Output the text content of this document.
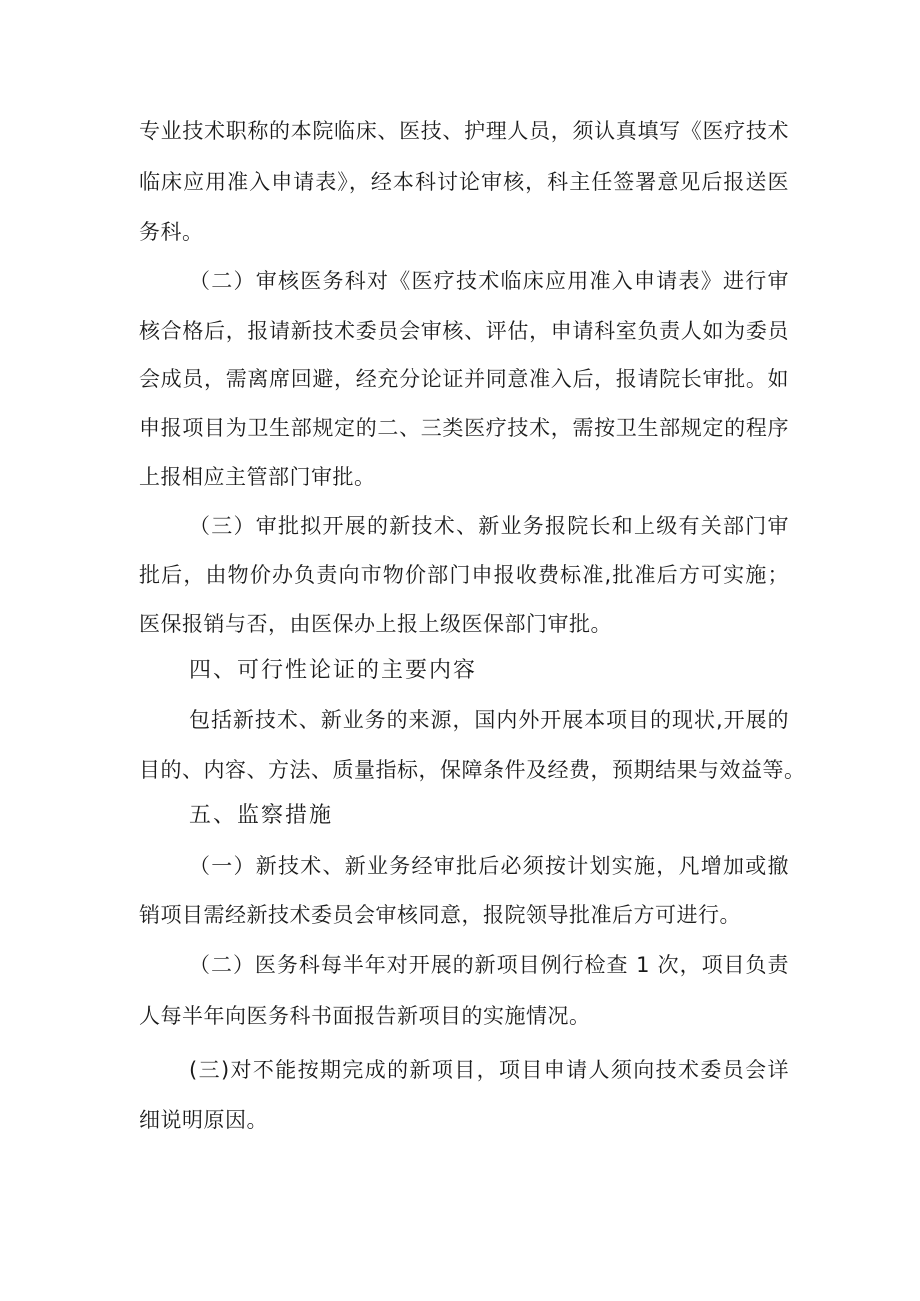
专业技术职称的本院临床、医技、护理人员，须认真填写《医疗技术
临床应用准入申请表》，经本科讨论审核，科主任签署意见后报送医
务科。
（二）审核医务科对《医疗技术临床应用准入申请表》进行审
核合格后，报请新技术委员会审核、评估，申请科室负责人如为委员
会成员，需离席回避，经充分论证并同意准入后，报请院长审批。如
申报项目为卫生部规定的二、三类医疗技术，需按卫生部规定的程序
上报相应主管部门审批。
（三）审批拟开展的新技术、新业务报院长和上级有关部门审
批后，由物价办负责向市物价部门申报收费标准,批准后方可实施；
医保报销与否，由医保办上报上级医保部门审批。
四、可行性论证的主要内容
包括新技术、新业务的来源，国内外开展本项目的现状,开展的
目的、内容、方法、质量指标，保障条件及经费，预期结果与效益等。
五、监察措施
（一）新技术、新业务经审批后必须按计划实施，凡增加或撤
销项目需经新技术委员会审核同意，报院领导批准后方可进行。
（二）医务科每半年对开展的新项目例行检查 1 次，项目负责
人每半年向医务科书面报告新项目的实施情况。
(三)对不能按期完成的新项目，项目申请人须向技术委员会详
细说明原因。
